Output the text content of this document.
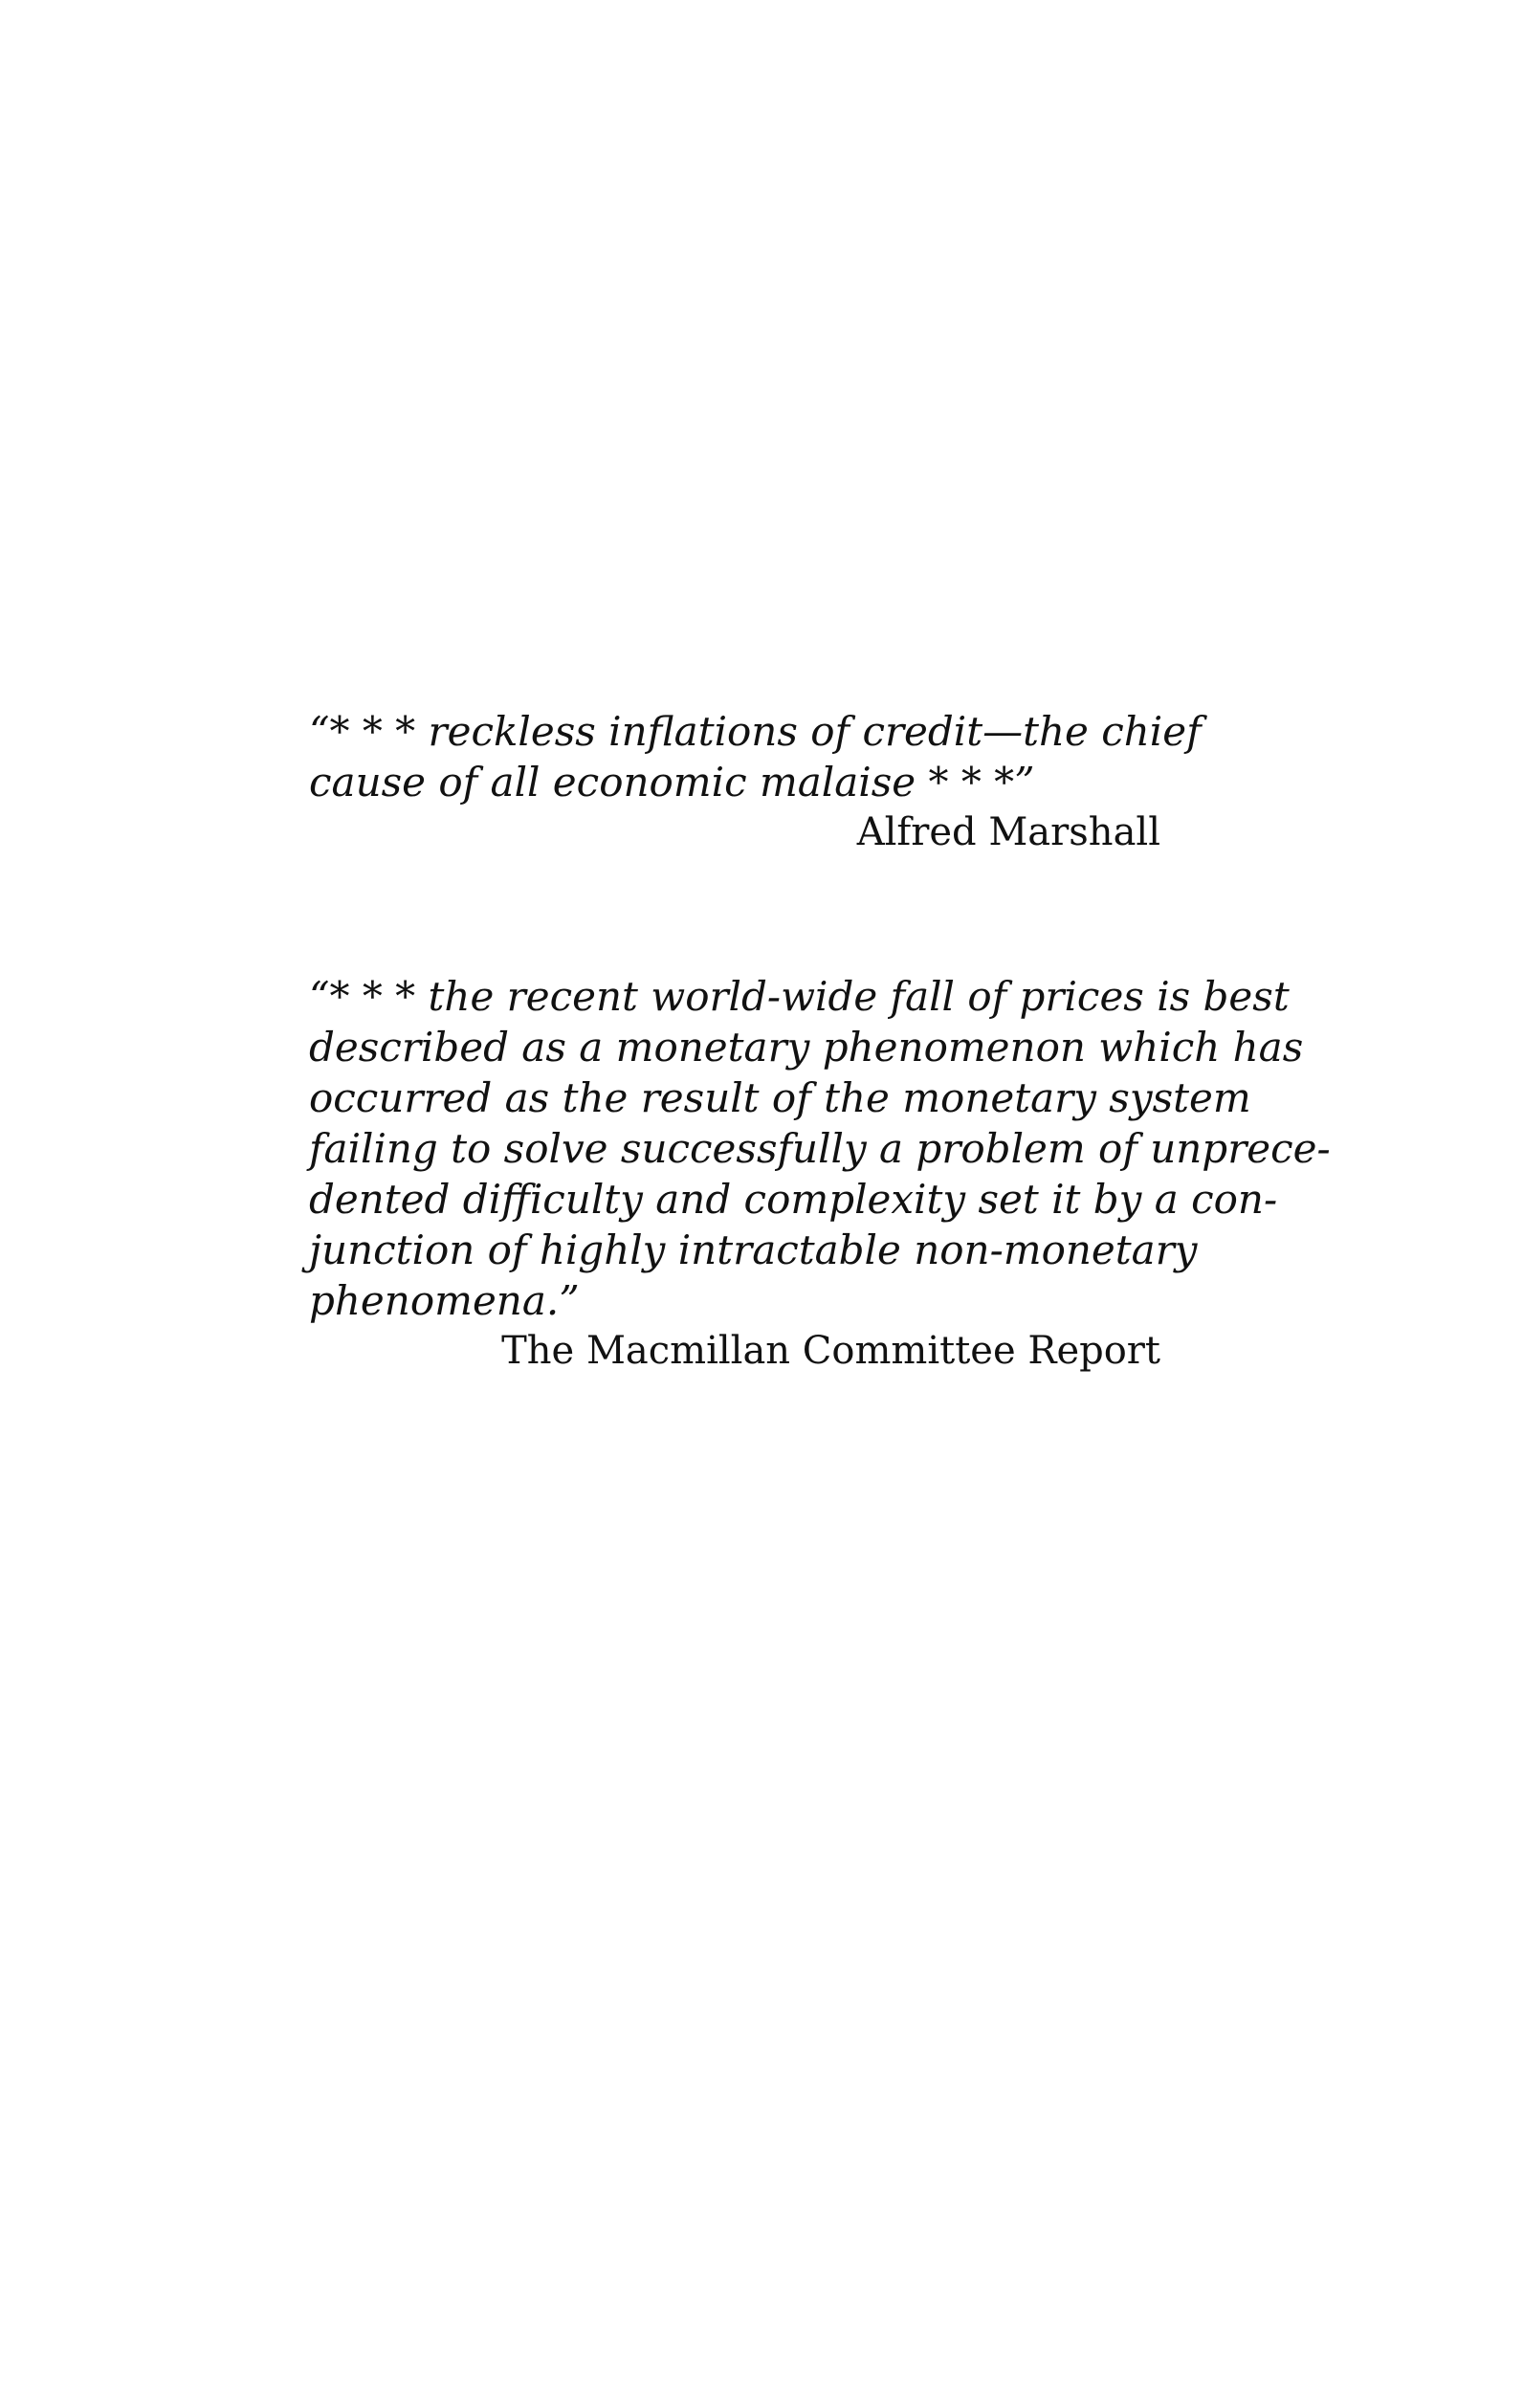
“* * * reckless inflations of credit—the chief
cause of all economic malaise * * *”
Alfred Marshall
“* * * the recent world-wide fall of prices is best
described as a monetary phenomenon which has
occurred as the result of the monetary system
failing to solve successfully a problem of unprece-
dented difficulty and complexity set it by a con-
junction of highly intractable non-monetary
phenomena.”
The Macmillan Committee Report
